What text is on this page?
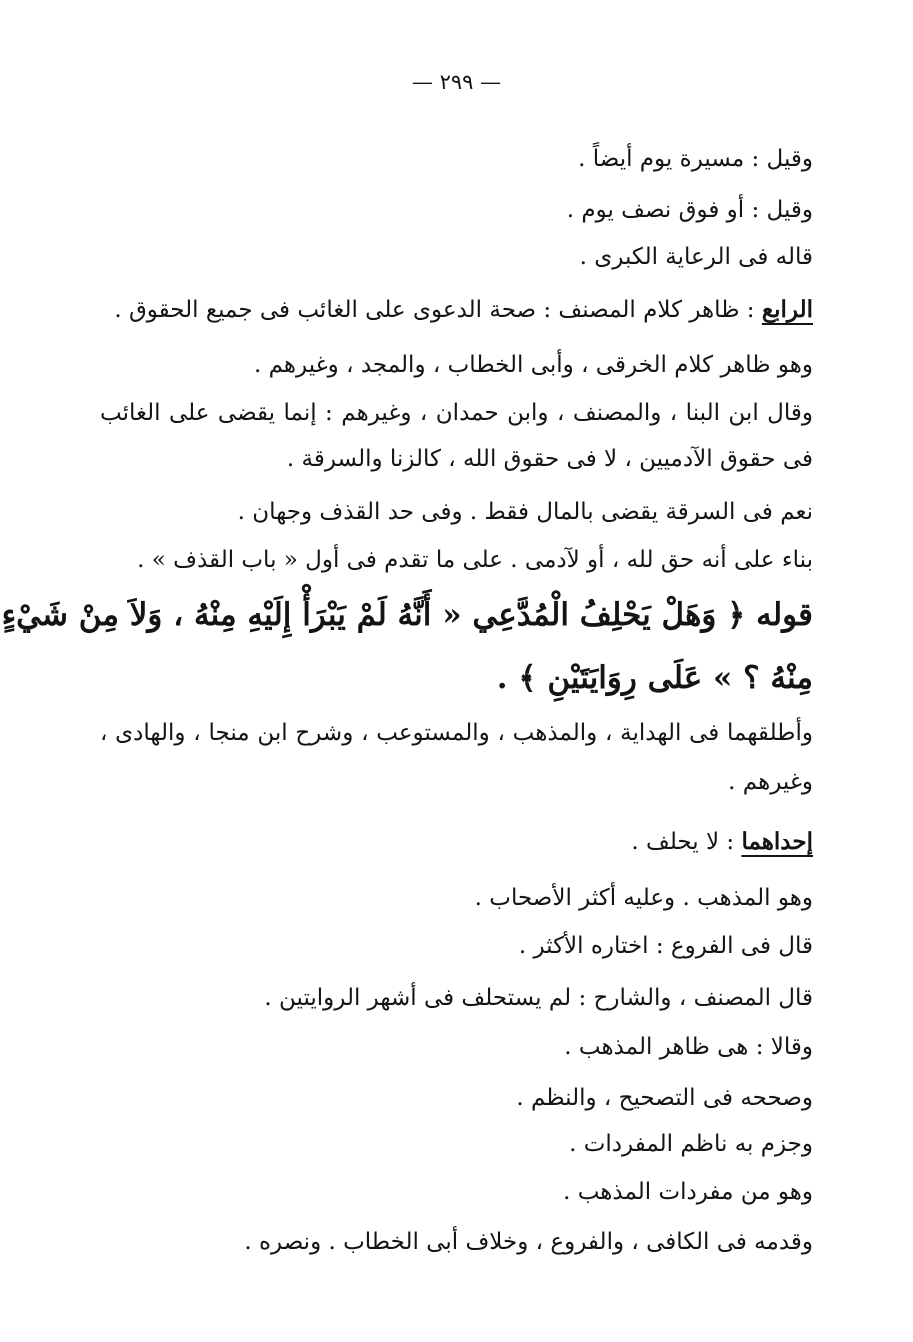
— ٢٩٩ —
وقيل : مسيرة يوم أيضاً .
وقيل : أو فوق نصف يوم .
قاله فى الرعاية الكبرى .
الرابع : ظاهر كلام المصنف : صحة الدعوى على الغائب فى جميع الحقوق .
وهو ظاهر كلام الخرقى ، وأبى الخطاب ، والمجد ، وغيرهم .
وقال ابن البنا ، والمصنف ، وابن حمدان ، وغيرهم : إنما يقضى على الغائب
فى حقوق الآدميين ، لا فى حقوق الله ، كالزنا والسرقة .
نعم فى السرقة يقضى بالمال فقط . وفى حد القذف وجهان .
بناء على أنه حق لله ، أو لآدمى . على ما تقدم فى أول « باب القذف » .
قوله ﴿ وَهَلْ يَحْلِفُ الْمُدَّعِي « أَنَّهُ لَمْ يَبْرَأْ إِلَيْهِ مِنْهُ ، وَلاَ مِنْ شَيْءٍ
مِنْهُ ؟ » عَلَى رِوَايَتَيْنِ ﴾ .
وأطلقهما فى الهداية ، والمذهب ، والمستوعب ، وشرح ابن منجا ، والهادى ،
وغيرهم .
إحداهما : لا يحلف .
وهو المذهب . وعليه أكثر الأصحاب .
قال فى الفروع : اختاره الأكثر .
قال المصنف ، والشارح : لم يستحلف فى أشهر الروايتين .
وقالا : هى ظاهر المذهب .
وصححه فى التصحيح ، والنظم .
وجزم به ناظم المفردات .
وهو من مفردات المذهب .
وقدمه فى الكافى ، والفروع ، وخلاف أبى الخطاب . ونصره .
